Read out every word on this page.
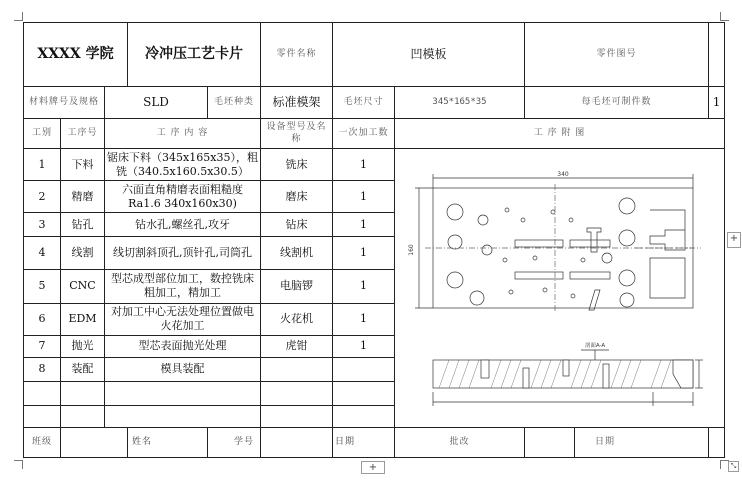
XXXX 学院			冷冲压工艺卡片		零件名称	凹模板		零件图号		
材料牌号及规格		SLD		毛坯种类	标准模架	毛坯尺寸	345*165*35	每毛坯可制件数		1
工别	工序号	工 序 内 容			设备型号及名称	一次加工数	工 序 附 图			
1	下料	锯床下料（345x165x35），粗铣（340.5x160.5x30.5）			铣床	1	340
160
剖面A-A			

2	精磨	六面直角精磨表面粗糙度Ra1.6 340x160x30)			磨床	1				
3	钻孔	钻水孔,螺丝孔,攻牙			钻床	1				
4	线割	线切割斜顶孔,顶针孔,司筒孔			线割机	1				
5	CNC	型芯成型部位加工，数控铣床粗加工，精加工			电脑锣	1				
6	EDM	对加工中心无法处理位置做电火花加工			火花机	1				
7	抛光	型芯表面抛光处理			虎钳	1				
8	装配	模具装配								

班级			姓名	学号		日期	批改		日期	
+
+	⤡
